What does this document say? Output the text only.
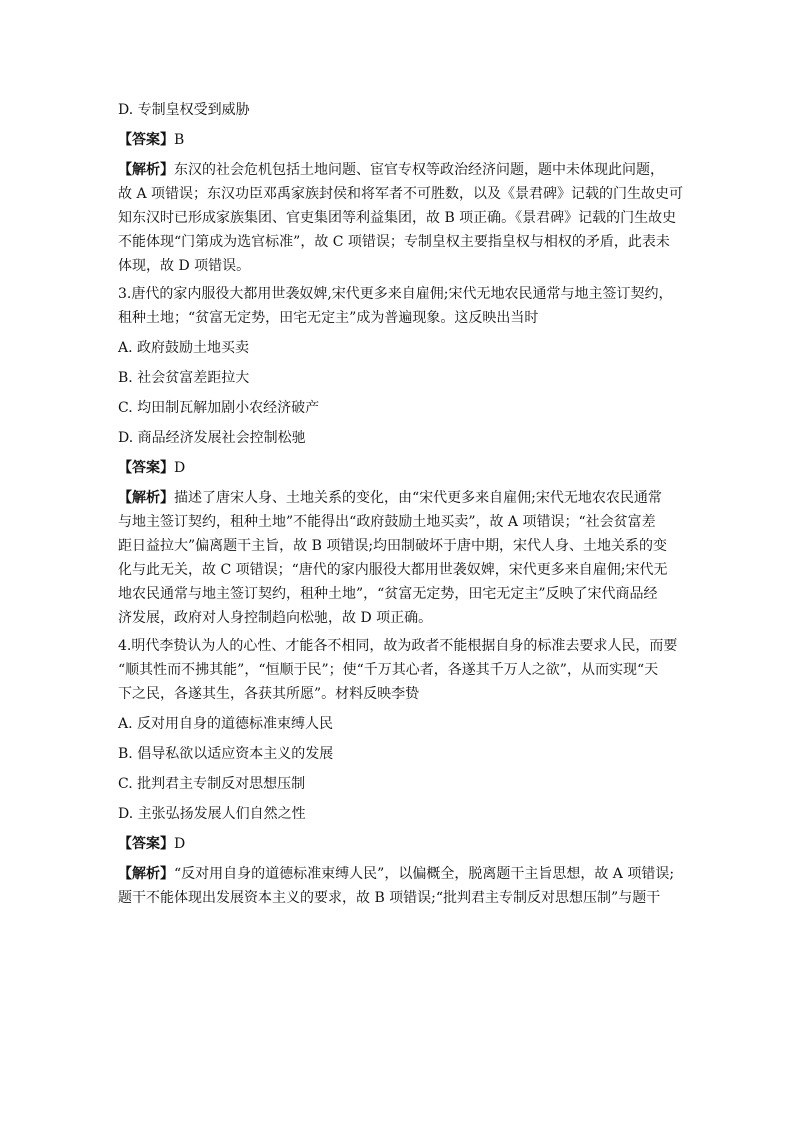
D. 专制皇权受到威胁

【答案】B

【解析】东汉的社会危机包括土地问题、宦官专权等政治经济问题，题中未体现此问题，

故 A 项错误；东汉功臣邓禹家族封侯和将军者不可胜数，以及《景君碑》记载的门生故史可

知东汉时已形成家族集团、官吏集团等利益集团，故 B 项正确。《景君碑》记载的门生故史

不能体现“门第成为选官标准”，故 C 项错误；专制皇权主要指皇权与相权的矛盾，此表未

体现，故 D 项错误。

3.唐代的家内服役大都用世袭奴婢,宋代更多来自雇佣;宋代无地农民通常与地主签订契约，

租种土地；“贫富无定势，田宅无定主”成为普遍现象。这反映出当时

A. 政府鼓励土地买卖

B. 社会贫富差距拉大

C. 均田制瓦解加剧小农经济破产

D. 商品经济发展社会控制松驰

【答案】D

【解析】描述了唐宋人身、土地关系的变化，由“宋代更多来自雇佣;宋代无地农农民通常

与地主签订契约，租种土地”不能得出“政府鼓励土地买卖”，故 A 项错误；“社会贫富差

距日益拉大”偏离题干主旨，故 B 项错误;均田制破坏于唐中期，宋代人身、土地关系的变

化与此无关，故 C 项错误；“唐代的家内服役大都用世袭奴婢，宋代更多来自雇佣;宋代无

地农民通常与地主签订契约，租种土地”，“贫富无定势，田宅无定主”反映了宋代商品经

济发展，政府对人身控制趋向松驰，故 D 项正确。

4.明代李贽认为人的心性、才能各不相同，故为政者不能根据自身的标准去要求人民，而要

“顺其性而不拂其能”，“恒顺于民”；使“千万其心者，各遂其千万人之欲”，从而实现“天

下之民，各遂其生，各获其所愿”。材料反映李贽

A. 反对用自身的道德标准束缚人民

B. 倡导私欲以适应资本主义的发展

C. 批判君主专制反对思想压制

D. 主张弘扬发展人们自然之性

【答案】D

【解析】“反对用自身的道德标准束缚人民”，以偏概全，脱离题干主旨思想，故 A 项错误;

题干不能体现出发展资本主义的要求，故 B 项错误;“批判君主专制反对思想压制”与题干
